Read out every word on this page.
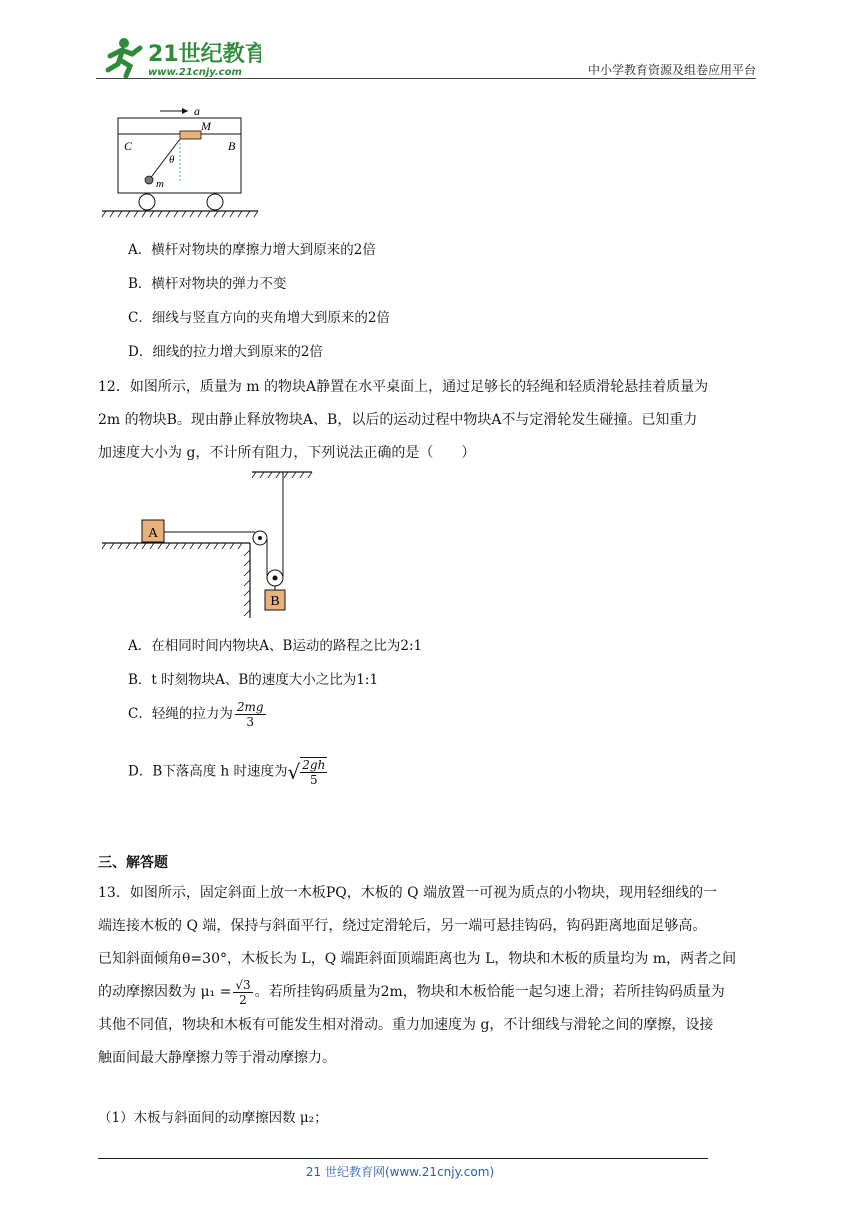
21世纪教育
www.21cnjy.com	中小学教育资源及组卷应用平台
a
M
C	B
θ
m
A．横杆对物块的摩擦力增大到原来的2倍
B．横杆对物块的弹力不变
C．细线与竖直方向的夹角增大到原来的2倍
D．细线的拉力增大到原来的2倍

12．如图所示，质量为 m 的物块A静置在水平桌面上，通过足够长的轻绳和轻质滑轮悬挂着质量为

2m 的物块B。现由静止释放物块A、B，以后的运动过程中物块A不与定滑轮发生碰撞。已知重力

加速度大小为 g，不计所有阻力，下列说法正确的是（　　）

A
B
A．在相同时间内物块A、B运动的路程之比为2:1
B．t 时刻物块A、B的速度大小之比为1:1
C．轻绳的拉力为 $\frac{2mg}{3}$
D．B下落高度 h 时速度为√ $\frac{2gh}{5}$
三、解答题

13．如图所示，固定斜面上放一木板PQ，木板的 Q 端放置一可视为质点的小物块，现用轻细线的一

端连接木板的 Q 端，保持与斜面平行，绕过定滑轮后，另一端可悬挂钩码，钩码距离地面足够高。

已知斜面倾角θ=30°，木板长为 L，Q 端距斜面顶端距离也为 L，物块和木板的质量均为 m，两者之间

的动摩擦因数为 $\mu_1 = \frac{√3}{2}$ 。若所挂钩码质量为2m，物块和木板恰能一起匀速上滑；若所挂钩码质量为

其他不同值，物块和木板有可能发生相对滑动。重力加速度为 g，不计细线与滑轮之间的摩擦，设接

触面间最大静摩擦力等于滑动摩擦力。

（1）木板与斜面间的动摩擦因数 μ₂；
21 世纪教育网(www.21cnjy.com)
